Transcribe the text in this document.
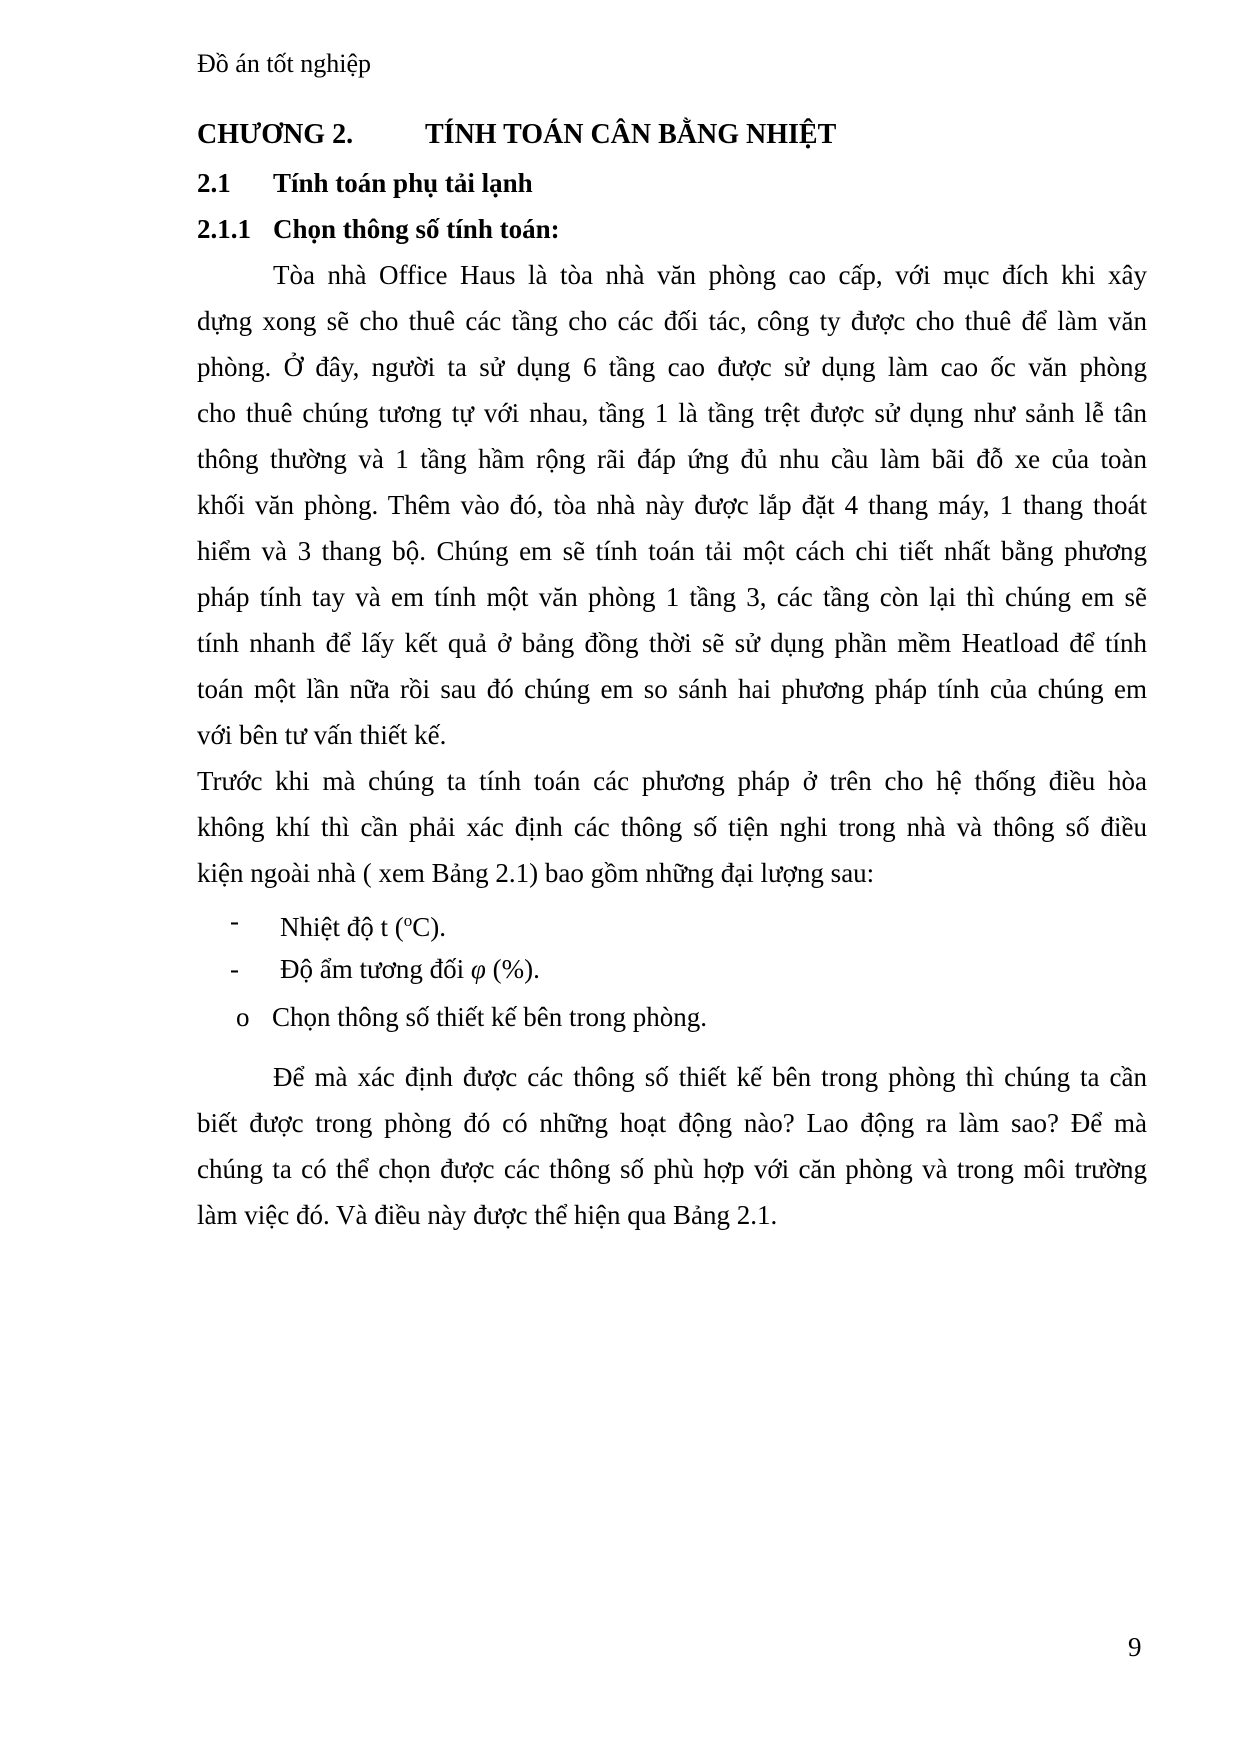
Đồ án tốt nghiệp
CHƯƠNG 2.	TÍNH TOÁN CÂN BẰNG NHIỆT
2.1 Tính toán phụ tải lạnh
2.1.1 Chọn thông số tính toán:
Tòa nhà Office Haus là tòa nhà văn phòng cao cấp, với mục đích khi xây
dựng xong sẽ cho thuê các tầng cho các đối tác, công ty được cho thuê để làm văn
phòng. Ở đây, người ta sử dụng 6 tầng cao được sử dụng làm cao ốc văn phòng
cho thuê chúng tương tự với nhau, tầng 1 là tầng trệt được sử dụng như sảnh lễ tân
thông thường và 1 tầng hầm rộng rãi đáp ứng đủ nhu cầu làm bãi đỗ xe của toàn
khối văn phòng. Thêm vào đó, tòa nhà này được lắp đặt 4 thang máy, 1 thang thoát
hiểm và 3 thang bộ. Chúng em sẽ tính toán tải một cách chi tiết nhất bằng phương
pháp tính tay và em tính một văn phòng 1 tầng 3, các tầng còn lại thì chúng em sẽ
tính nhanh để lấy kết quả ở bảng đồng thời sẽ sử dụng phần mềm Heatload để tính
toán một lần nữa rồi sau đó chúng em so sánh hai phương pháp tính của chúng em
với bên tư vấn thiết kế.
Trước khi mà chúng ta tính toán các phương pháp ở trên cho hệ thống điều hòa
không khí thì cần phải xác định các thông số tiện nghi trong nhà và thông số điều
kiện ngoài nhà ( xem Bảng 2.1) bao gồm những đại lượng sau:
- Nhiệt độ t ($^o$C).
- Độ ẩm tương đối φ (%).
o Chọn thông số thiết kế bên trong phòng.
Để mà xác định được các thông số thiết kế bên trong phòng thì chúng ta cần
biết được trong phòng đó có những hoạt động nào? Lao động ra làm sao? Để mà
chúng ta có thể chọn được các thông số phù hợp với căn phòng và trong môi trường
làm việc đó. Và điều này được thể hiện qua Bảng 2.1.
9
